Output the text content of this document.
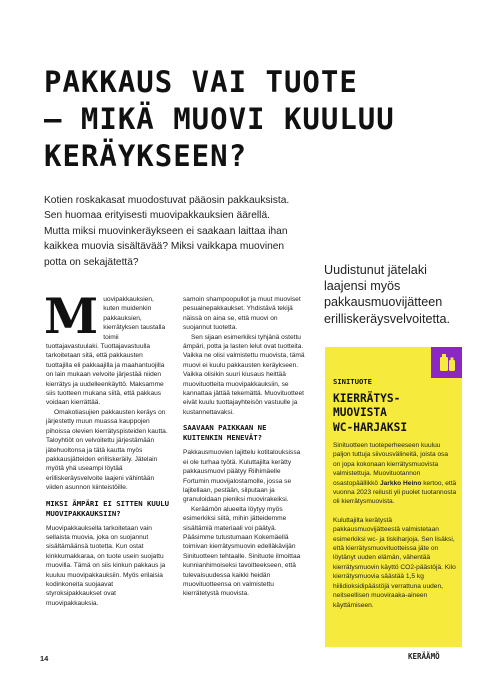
PAKKAUS VAI TUOTE
– MIKÄ MUOVI KUULUU
KERÄYKSEEN?
Kotien roskakasat muodostuvat pääosin pakkauksista.
Sen huomaa erityisesti muovipakkauksien äärellä.
Mutta miksi muovinkeräykseen ei saakaan laittaa ihan
kaikkea muovia sisältävää? Miksi vaikkapa muovinen
potta on sekajätettä?
Uudistunut jätelaki
laajensi myös
pakkausmuovijätteen
erilliskeräysvelvoitetta.

Muovipakkauksien, kuten muidenkin pakkauksien, kierrätyksen taustalla toimii tuottajavastuulaki. Tuottajavastuulla tarkoitetaan sitä, että pakkausten tuottajilla eli pakkaajilla ja maahantuojilla on lain mukaan velvoite järjestää niiden kierrätys ja uudelleenkäyttö. Maksamme siis tuotteen mukana siitä, että pakkaus voidaan kierrättää.

Omakotiasujien pakkausten keräys on järjestetty muun muassa kauppojen pihoissa olevien kierrätyspisteiden kautta. Taloyhtiöt on velvoitettu järjestämään jätehuoltonsa ja tätä kautta myös pakkausjätteiden erilliskeräily. Jätelain myötä yhä useampi löytää erilliskeräysvelvoite laajeni vähintään viiden asunnon kiinteistöille.

MIKSI ÄMPÄRI EI SITTEN KUULU MUOVIPAKKAUKSIIN?

Muovipakkauksella tarkoitetaan vain sellaista muovia, joka on suojannut sisältämäänsä tuotetta. Kun ostat kinkkumakkaraa, on tuote usein suojattu muovilla. Tämä on siis kinkun pakkaus ja kuuluu muovipakkauksiin. Myös erilaisia kodinkoneita suojaavat styroksipakkaukset ovat muovipakkauksia.

samoin shampoopullot ja muut muoviset pesuainepakkaukset. Yhdistävä tekijä näissä on aina se, että muovi on suojannut tuotetta.

Sen sijaan esimerkiksi tyhjänä ostettu ämpäri, potta ja lasten lelut ovat tuotteita. Vaikka ne olisi valmistettu muovista, tämä muovi ei kuulu pakkausten keräykseen. Vaikka olisikin suuri kiusaus heittää muovituotteita muovipakkauksiin, se kannattaa jättää tekemättä. Muovituotteet eivät kuulu tuottajayhteisön vastuulle ja kustannettavaksi.

SAAVAAN PAIKKAAN NE KUITENKIN MENEVÄT?

Pakkausmuovien lajittelu kotitalouksissa ei ole turhaa työtä. Kuluttajilta kerätty pakkausmuovi päätyy Riihimäelle Fortumin muovijalostamolle, jossa se lajitellaan, pestään, silputaan ja granuloidaan pieniksi muovirakeiksi.

Keräämön alueelta löytyy myös esimerkiksi siitä, mihin jätteidemme sisältämiä materiaali voi päätyä. Pääsimme tutustumaan Kokemäellä toimivan kierrätysmuovin edelläkävijän Sinituotteen tehtaalle. Sinituote ilmoittaa kunnianhimoiseksi tavoitteekseen, että tulevaisuudessa kaikki heidän muovituotteensa on valmistettu kierrätetystä muovista.

SINITUOTE
KIERRÄTYS-
MUOVISTA
WC-HARJAKSI

Sinituotteen tuoteperheeseen kuuluu paljon tuttuja siivousvälineitä, joista osa on jopa kokonaan kierrätysmuovista valmistettuja. Muovituotannon osastopäällikkö Jarkko Heino kertoo, että vuonna 2023 reilusti yli puolet tuotannosta oli kierrätysmuovista.

Kuluttajilta kerätystä pakkausmuovijätteestä valmistetaan esimerkiksi wc- ja tiskiharjoja. Sen lisäksi, että kierrätysmuovituotteissa jäte on löytänyt uuden elämän, vähentää kierrätysmuovin käyttö CO2-päästöjä. Kilo kierrätysmuovia säästää 1,5 kg hiilidioksidipäästöjä verrattuna uuden, neitseellisen muoviraaka-aineen käyttämiseen.

14	KERÄÄMÖ
